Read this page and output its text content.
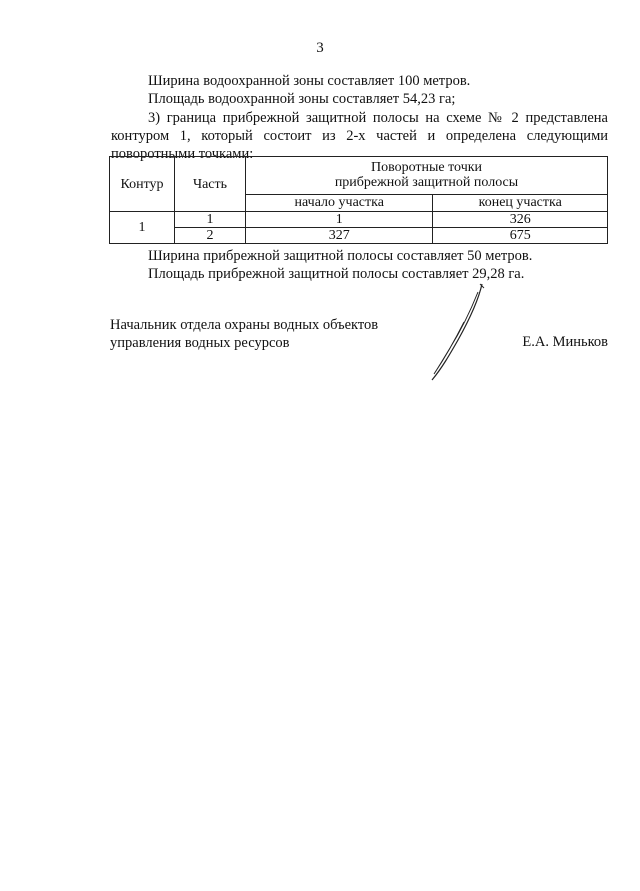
3
Ширина водоохранной зоны составляет 100 метров.
Площадь водоохранной зоны составляет 54,23 га;
3) граница прибрежной защитной полосы на схеме № 2 представлена контуром 1, который состоит из 2-х частей и определена следующими поворотными точками:
Контур	Часть	Поворотные точки
прибрежной защитной полосы	

		начало участка	конец участка
1	1	1	326
	2	327	675
Ширина прибрежной защитной полосы составляет 50 метров.
Площадь прибрежной защитной полосы составляет 29,28 га.
Начальник отдела охраны водных объектов
управления водных ресурсов	Е.А. Миньков
